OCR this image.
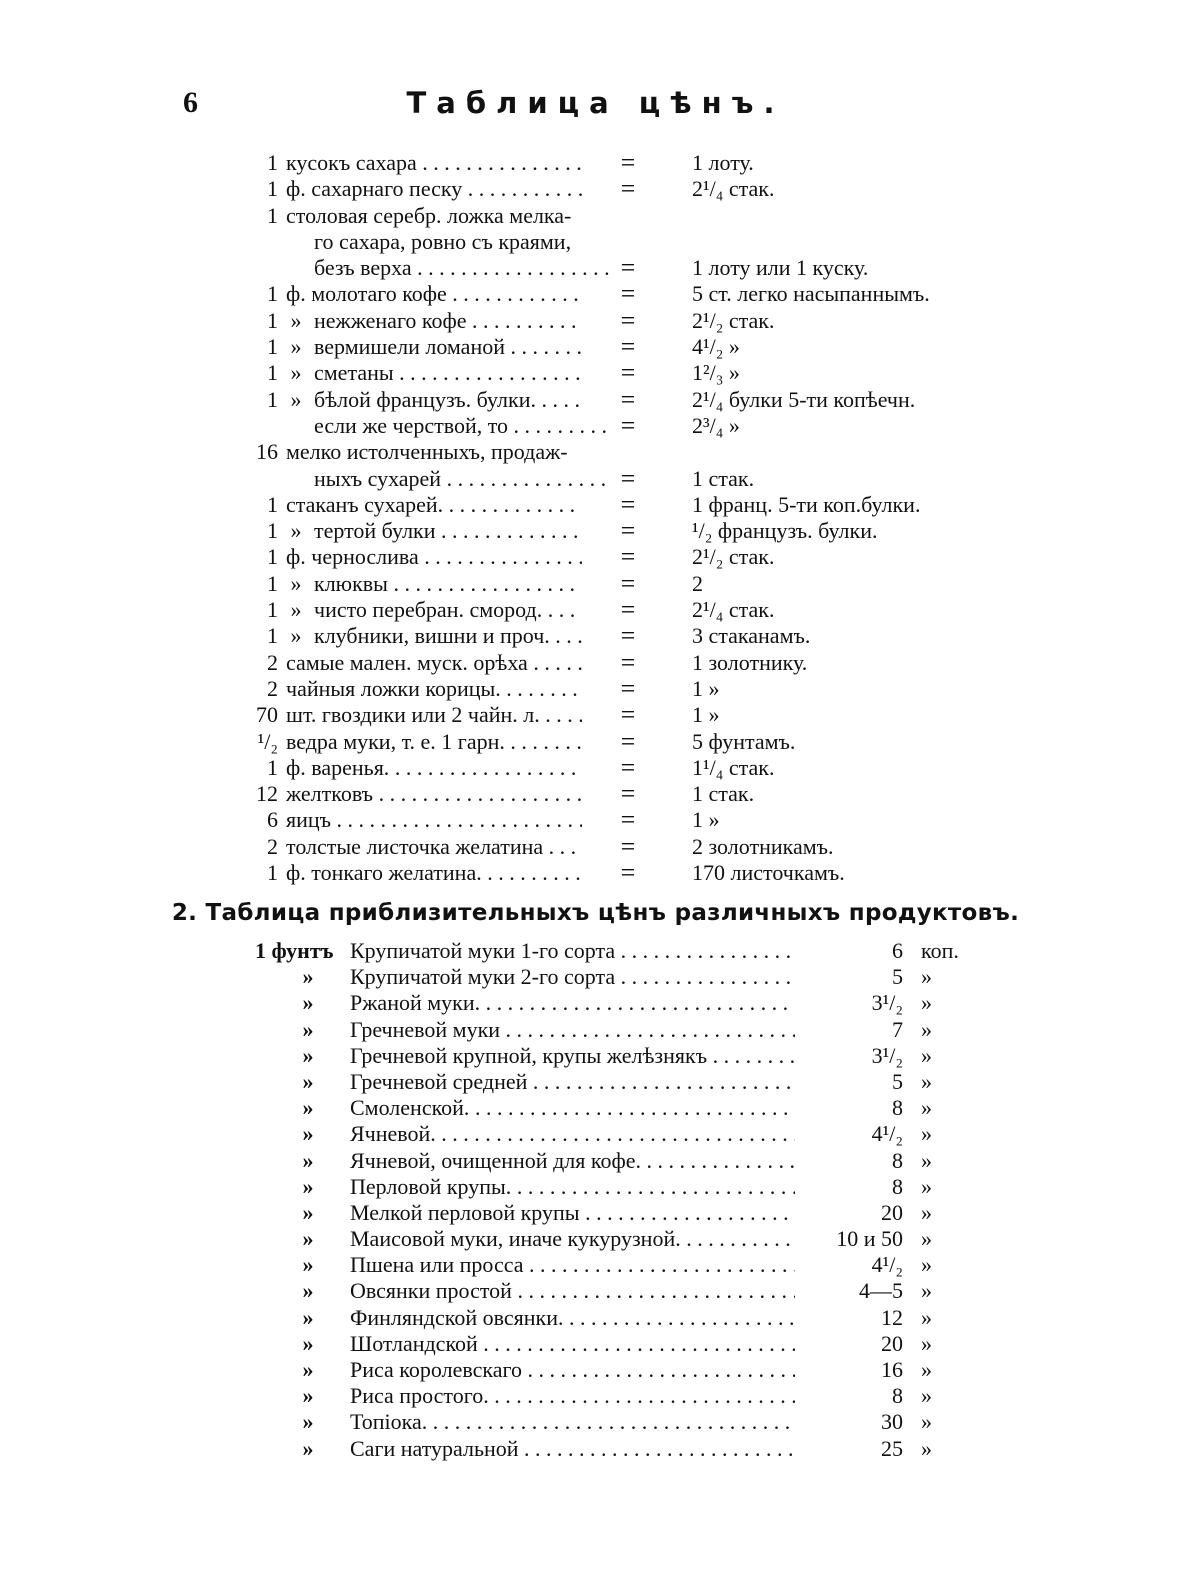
6	Таблица цѣнъ.
1 кусокъ сахара . . .	=	1 лоту.
1 ф. сахарнаго песку . . .	=	2¹/₄ стак.
1 столовая серебр. ложка мелка-
го сахара, ровно съ краями,
безъ верха . . .	=	1 лоту или 1 куску.
1 ф. молотаго кофе . . .	=	5 ст. легко насыпаннымъ.
1 » нежженаго кофе . . .	=	2¹/₂ стак.
1 » вермишели ломаной . . .	=	4¹/₂ »
1 » сметаны . . .	=	1²/₃ »
1 » бѣлой французъ. булки. . . .	=	2¹/₄ булки 5-ти копѣечн.
если же черствой, то . . .	=	2³/₄ »
16 мелко истолченныхъ, продаж-
ныхъ сухарей . . .	=	1 стак.
1 стаканъ сухарей. . . .	=	1 франц. 5-ти коп.булки.
1 » тертой булки . . .	=	¹/₂ французъ. булки.
1 ф. чернослива . . .	=	2¹/₂ стак.
1 » клюквы . . .	=	2
1 » чисто перебран. смород. . . .	=	2¹/₄ стак.
1 » клубники, вишни и проч. . . .	=	3 стаканамъ.
2 самые мален. муск. орѣха . . .	=	1 золотнику.
2 чайныя ложки корицы. . . .	=	1 »
70 шт. гвоздики или 2 чайн. л. . . .	=	1 »
¹/₂ ведра муки, т. е. 1 гарн. . . .	=	5 фунтамъ.
1 ф. варенья. . . .	=	1¹/₄ стак.
12 желтковъ . . .	=	1 стак.
6 яицъ . . .	=	1 »
2 толстые листочка желатина . . .	=	2 золотникамъ.
1 ф. тонкаго желатина. . . .	=	170 листочкамъ.
2. Таблица приблизительныхъ цѣнъ различныхъ продуктовъ.
1 фунтъ Крупичатой муки 1-го сорта . . .	6 коп.
»	Крупичатой муки 2-го сорта . . .	5 »
»	Ржаной муки. . . .	3¹/₂ »
»	Гречневой муки . . .	7 »
»	Гречневой крупной, крупы желѣзнякъ . . .	3¹/₂ »
»	Гречневой средней . . .	5 »
»	Смоленской. . . .	8 »
»	Ячневой. . . .	4¹/₂ »
»	Ячневой, очищенной для кофе. . . .	8 »
»	Перловой крупы. . . .	8 »
»	Мелкой перловой крупы . . .	20 »
»	Маисовой муки, иначе кукурузной. . . .	10 и 50 »
»	Пшена или просса . . .	4¹/₂ »
»	Овсянки простой . . .	4—5 »
»	Финляндской овсянки. . . .	12 »
»	Шотландской . . .	20 »
»	Риса королевскаго . . .	16 »
»	Риса простого. . . .	8 »
»	Топіока. . . .	30 »
»	Саги натуральной . . .	25 »
